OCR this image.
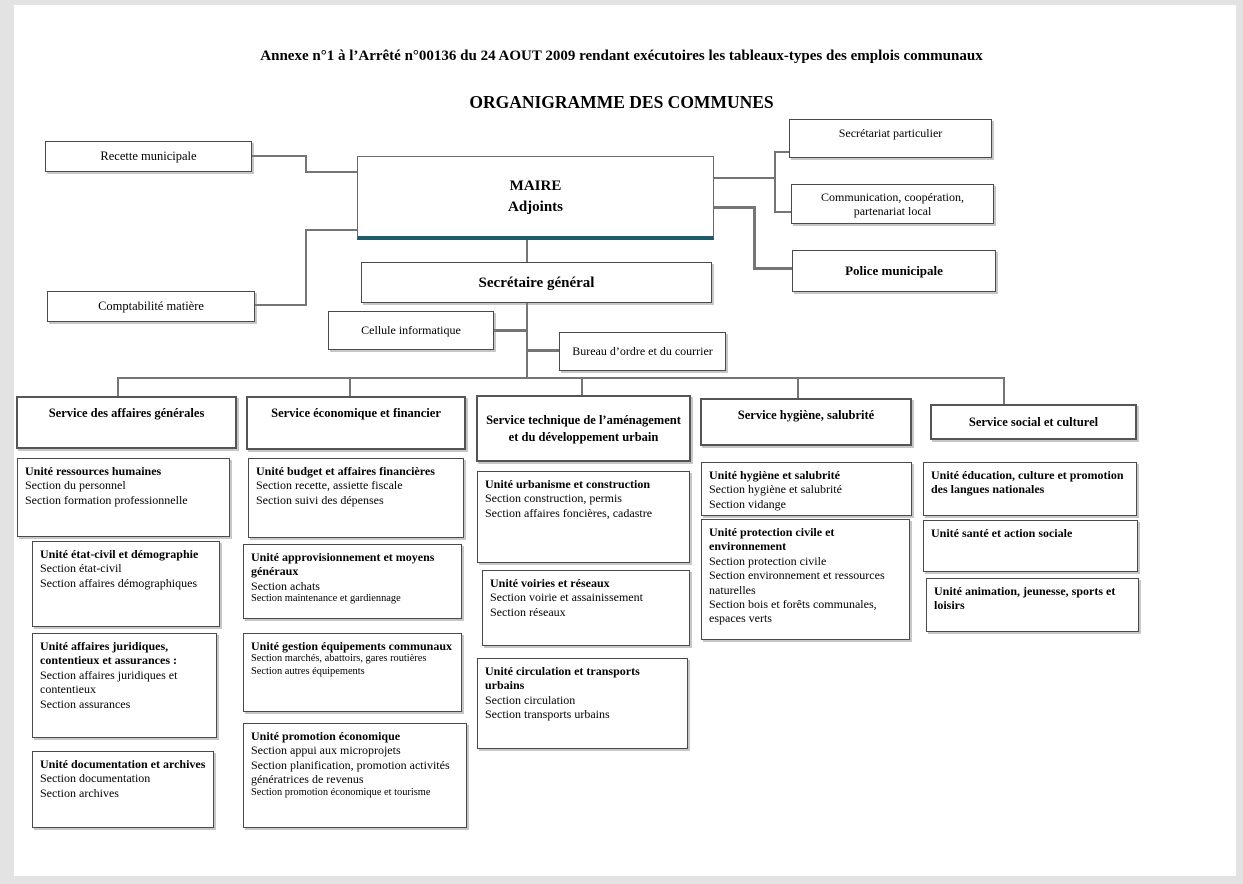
Annexe n°1 à l’Arrêté n°00136 du 24 AOUT 2009 rendant exécutoires les tableaux-types des emplois communaux
ORGANIGRAMME DES COMMUNES
Recette municipale
Comptabilité matière
MAIRE
Adjoints
Secrétaire général
Cellule informatique
Bureau d’ordre et du courrier
Secrétariat particulier
Communication, coopération, partenariat local
Police municipale
Service des affaires générales	Service économique et financier
Service technique de l’aménagement et du développement urbain
Service hygiène, salubrité	Service social et culturel
Unité ressources humaines
Section du personnel
Section formation professionnelle
Unité état-civil et démographie
Section état-civil
Section affaires démographiques
Unité affaires juridiques, contentieux et assurances :
Section affaires juridiques et contentieux
Section assurances
Unité documentation et archives
Section documentation
Section archives
Unité budget et affaires financières
Section recette, assiette fiscale
Section suivi des dépenses
Unité approvisionnement et moyens généraux
Section achats
Section maintenance et gardiennage
Unité gestion équipements communaux
Section marchés, abattoirs, gares routières
Section autres équipements
Unité promotion économique
Section appui aux microprojets
Section planification, promotion activités génératrices de revenus
Section promotion économique et tourisme
Unité urbanisme et construction
Section construction, permis
Section affaires foncières, cadastre
Unité voiries et réseaux
Section voirie et assainissement
Section réseaux
Unité circulation et transports urbains
Section circulation
Section transports urbains
Unité hygiène et salubrité
Section hygiène et salubrité
Section vidange
Unité protection civile et environnement
Section protection civile
Section environnement et ressources naturelles
Section bois et forêts communales, espaces verts
Unité éducation, culture et promotion des langues nationales
Unité santé et action sociale
Unité animation, jeunesse, sports et loisirs
